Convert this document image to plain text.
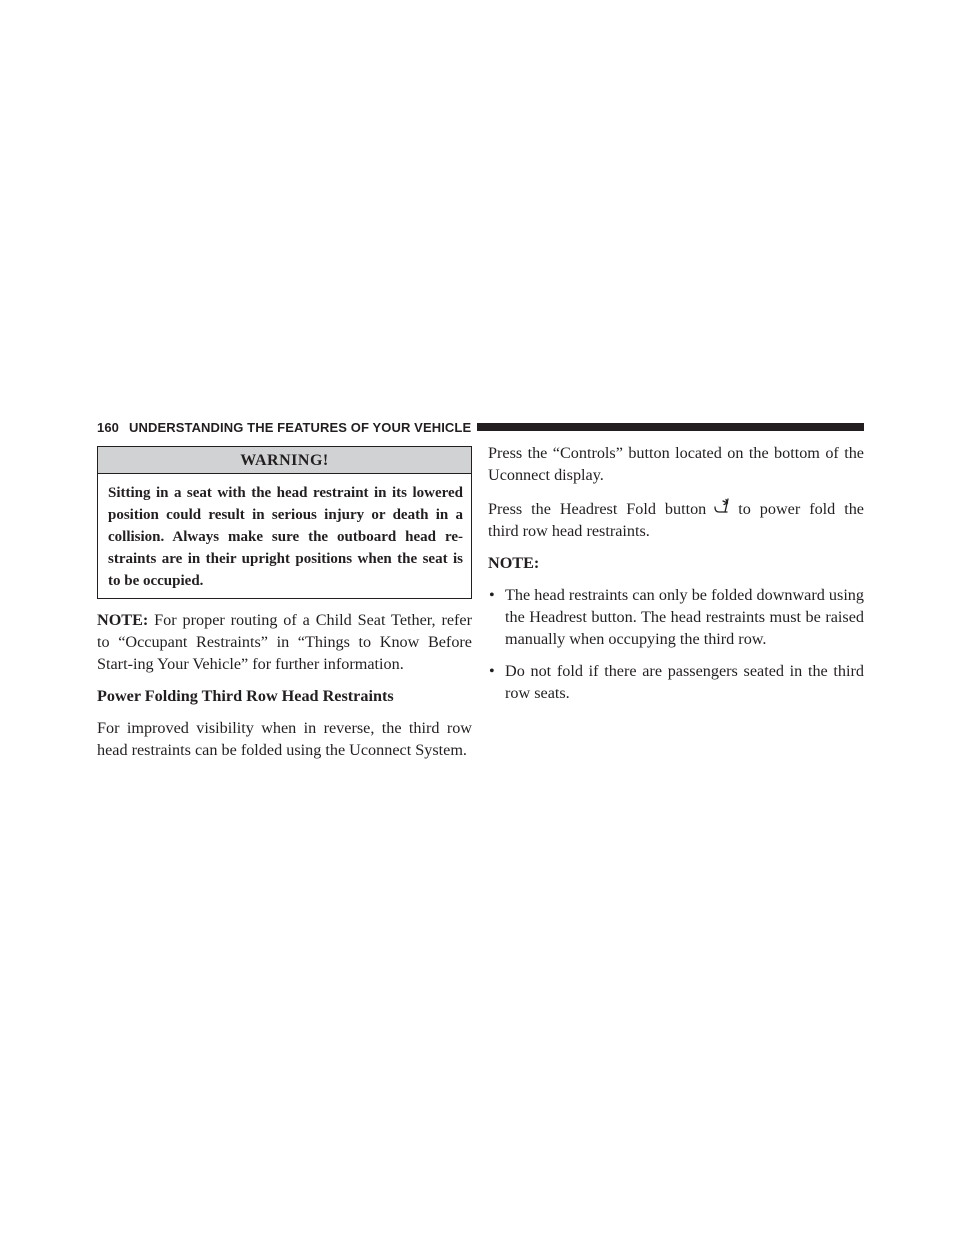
160 UNDERSTANDING THE FEATURES OF YOUR VEHICLE
WARNING!
Sitting in a seat with the head restraint in its lowered position could result in serious injury or death in a collision. Always make sure the outboard head re-straints are in their upright positions when the seat is to be occupied.

NOTE: For proper routing of a Child Seat Tether, refer to “Occupant Restraints” in “Things to Know Before Start-ing Your Vehicle” for further information.

Power Folding Third Row Head Restraints

For improved visibility when in reverse, the third row head restraints can be folded using the Uconnect System.

Press the “Controls” button located on the bottom of the Uconnect display.

Press the Headrest Fold button to power fold the third row head restraints.

NOTE:
• The head restraints can only be folded downward using the Headrest button. The head restraints must be raised manually when occupying the third row.
• Do not fold if there are passengers seated in the third row seats.
